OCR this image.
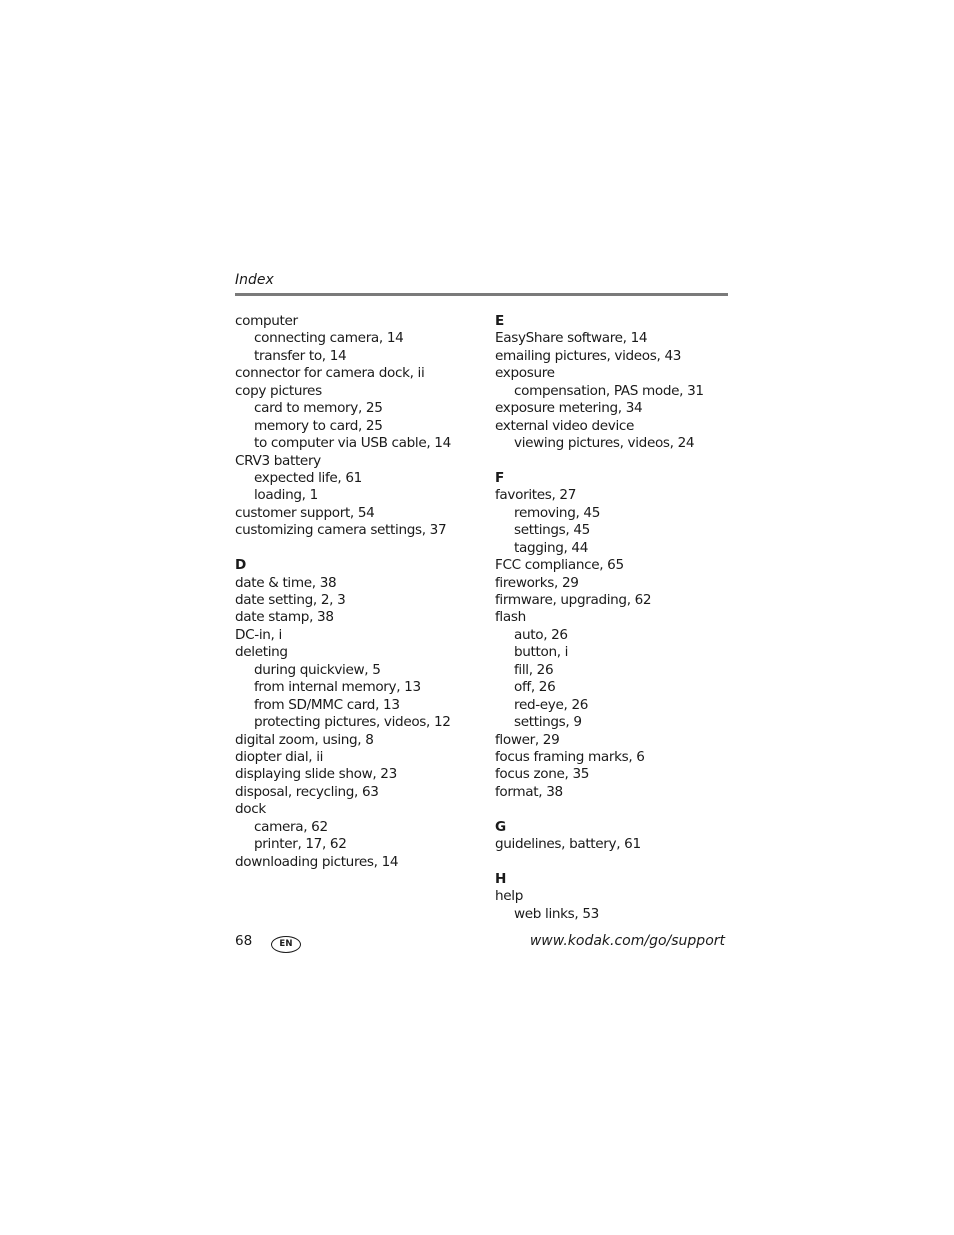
Index
computer
connecting camera, 14
transfer to, 14
connector for camera dock, ii
copy pictures
card to memory, 25
memory to card, 25
to computer via USB cable, 14
CRV3 battery
expected life, 61
loading, 1
customer support, 54
customizing camera settings, 37
D
date & time, 38
date setting, 2, 3
date stamp, 38
DC-in, i
deleting
during quickview, 5
from internal memory, 13
from SD/MMC card, 13
protecting pictures, videos, 12
digital zoom, using, 8
diopter dial, ii
displaying slide show, 23
disposal, recycling, 63
dock
camera, 62
printer, 17, 62
downloading pictures, 14
E
EasyShare software, 14
emailing pictures, videos, 43
exposure
compensation, PAS mode, 31
exposure metering, 34
external video device
viewing pictures, videos, 24
F
favorites, 27
removing, 45
settings, 45
tagging, 44
FCC compliance, 65
fireworks, 29
firmware, upgrading, 62
flash
auto, 26
button, i
fill, 26
off, 26
red-eye, 26
settings, 9
flower, 29
focus framing marks, 6
focus zone, 35
format, 38
G
guidelines, battery, 61
H
help
web links, 53
68	EN	www.kodak.com/go/support
